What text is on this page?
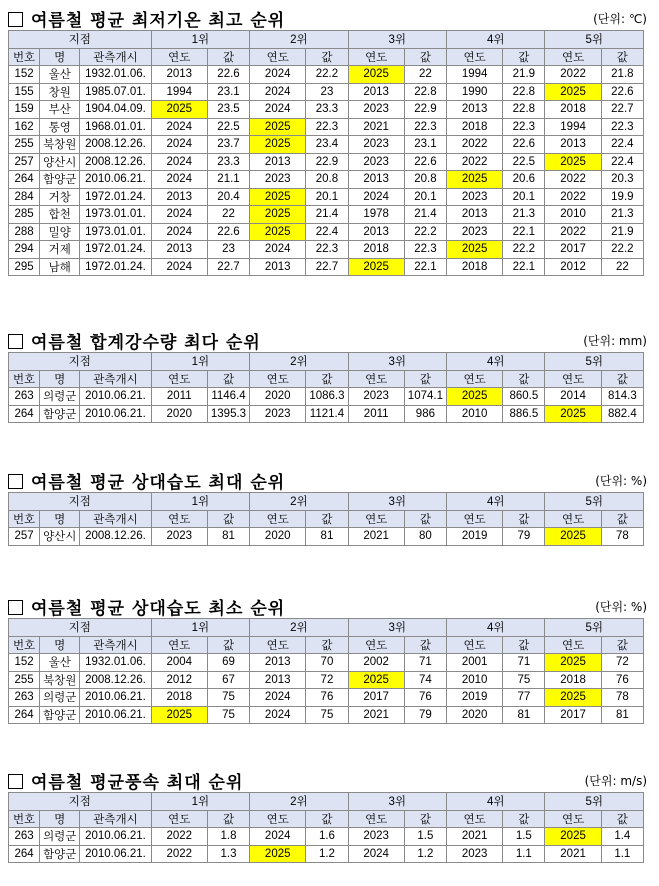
여름철 평균 최저기온 최고 순위	(단위: ℃)
지점			1위		2위		3위		4위		5위	
번호	명	관측개시	연도	값	연도	값	연도	값	연도	값	연도	값
152	울산	1932.01.06.	2013	22.6	2024	22.2	2025	22	1994	21.9	2022	21.8
155	창원	1985.07.01.	1994	23.1	2024	23	2013	22.8	1990	22.8	2025	22.6
159	부산	1904.04.09.	2025	23.5	2024	23.3	2023	22.9	2013	22.8	2018	22.7
162	통영	1968.01.01.	2024	22.5	2025	22.3	2021	22.3	2018	22.3	1994	22.3
255	북창원	2008.12.26.	2024	23.7	2025	23.4	2023	23.1	2022	22.6	2013	22.4
257	양산시	2008.12.26.	2024	23.3	2013	22.9	2023	22.6	2022	22.5	2025	22.4
264	함양군	2010.06.21.	2024	21.1	2023	20.8	2013	20.8	2025	20.6	2022	20.3
284	거창	1972.01.24.	2013	20.4	2025	20.1	2024	20.1	2023	20.1	2022	19.9
285	합천	1973.01.01.	2024	22	2025	21.4	1978	21.4	2013	21.3	2010	21.3
288	밀양	1973.01.01.	2024	22.6	2025	22.4	2013	22.2	2023	22.1	2022	21.9
294	거제	1972.01.24.	2013	23	2024	22.3	2018	22.3	2025	22.2	2017	22.2
295	남해	1972.01.24.	2024	22.7	2013	22.7	2025	22.1	2018	22.1	2012	22
여름철 합계강수량 최다 순위	(단위: mm)
지점			1위		2위		3위		4위		5위	
번호	명	관측개시	연도	값	연도	값	연도	값	연도	값	연도	값
263	의령군	2010.06.21.	2011	1146.4	2020	1086.3	2023	1074.1	2025	860.5	2014	814.3
264	함양군	2010.06.21.	2020	1395.3	2023	1121.4	2011	986	2010	886.5	2025	882.4
여름철 평균 상대습도 최대 순위	(단위: %)
지점			1위		2위		3위		4위		5위	
번호	명	관측개시	연도	값	연도	값	연도	값	연도	값	연도	값
257	양산시	2008.12.26.	2023	81	2020	81	2021	80	2019	79	2025	78
여름철 평균 상대습도 최소 순위	(단위: %)
지점			1위		2위		3위		4위		5위	
번호	명	관측개시	연도	값	연도	값	연도	값	연도	값	연도	값
152	울산	1932.01.06.	2004	69	2013	70	2002	71	2001	71	2025	72
255	북창원	2008.12.26.	2012	67	2013	72	2025	74	2010	75	2018	76
263	의령군	2010.06.21.	2018	75	2024	76	2017	76	2019	77	2025	78
264	함양군	2010.06.21.	2025	75	2024	75	2021	79	2020	81	2017	81
여름철 평균풍속 최대 순위	(단위: m/s)
지점			1위		2위		3위		4위		5위	
번호	명	관측개시	연도	값	연도	값	연도	값	연도	값	연도	값
263	의령군	2010.06.21.	2022	1.8	2024	1.6	2023	1.5	2021	1.5	2025	1.4
264	함양군	2010.06.21.	2022	1.3	2025	1.2	2024	1.2	2023	1.1	2021	1.1
